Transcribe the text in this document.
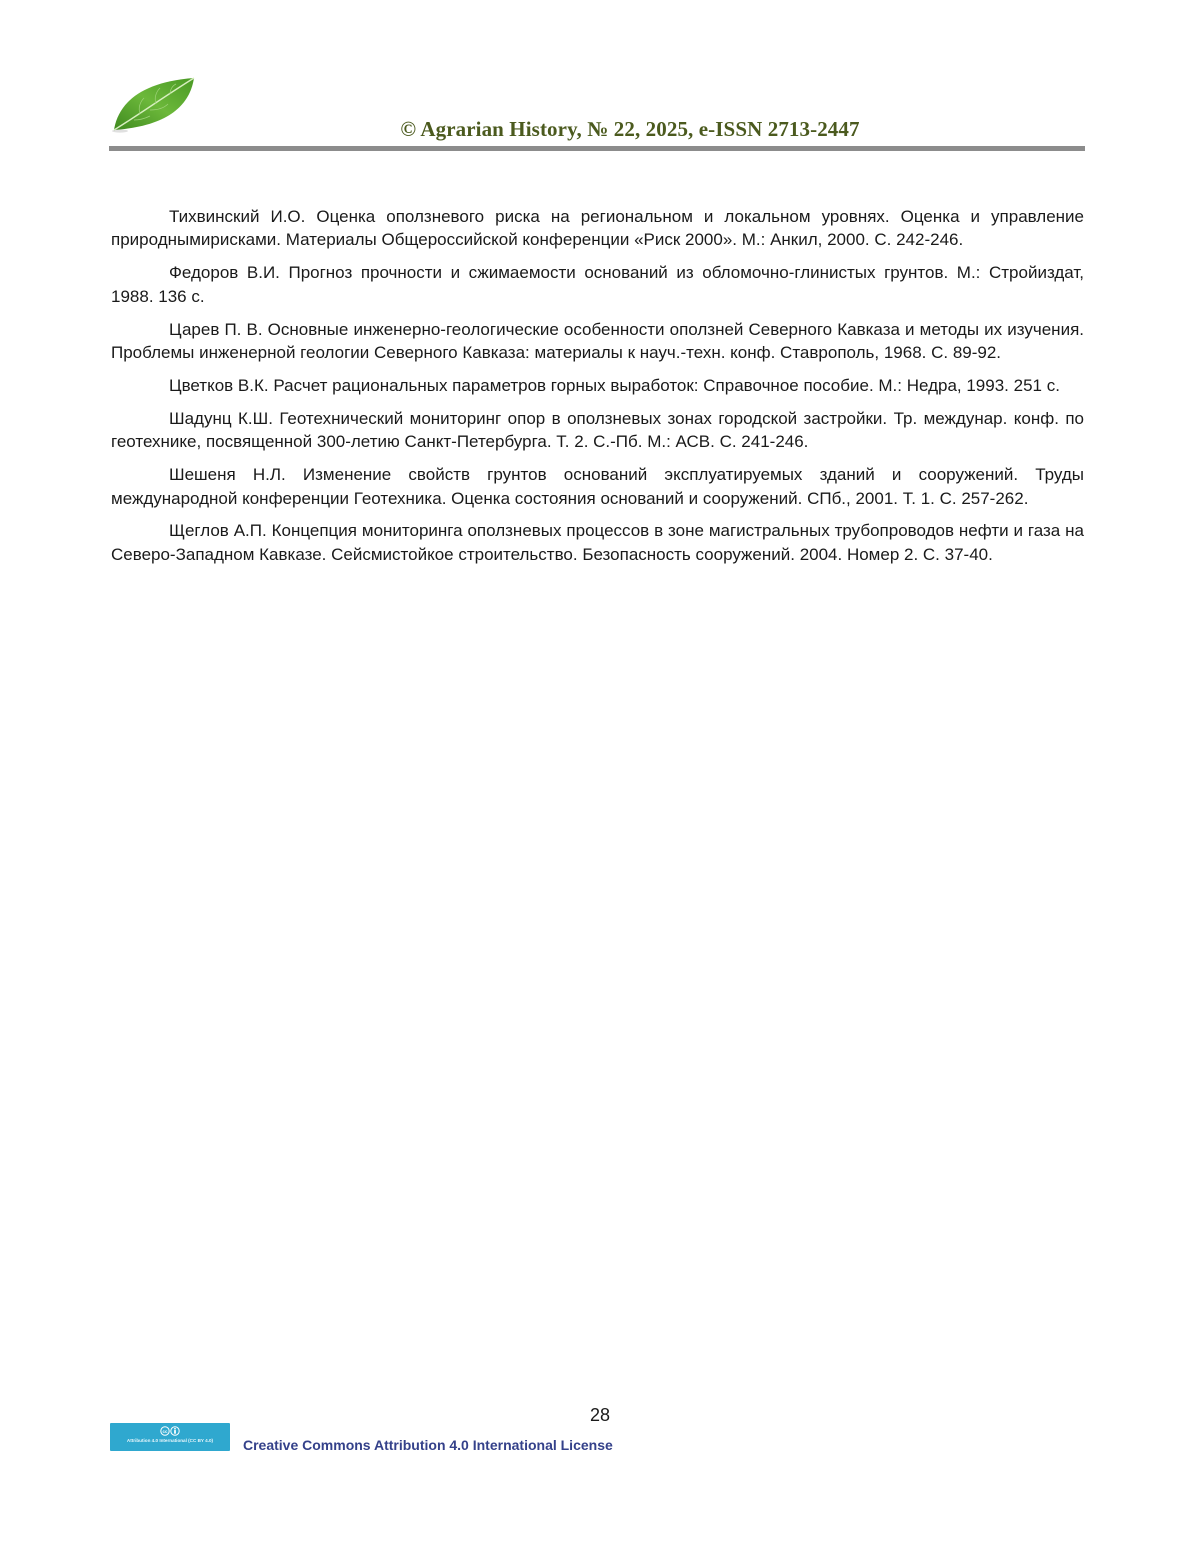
© Agrarian History, № 22, 2025, e-ISSN 2713-2447

Тихвинский И.О. Оценка оползневого риска на региональном и локальном уровнях. Оценка и управление природнымирисками. Материалы Общероссийской конференции «Риск 2000». М.: Анкил, 2000. С. 242-246.

Федоров В.И. Прогноз прочности и сжимаемости оснований из обломочно-глинистых грунтов. М.: Стройиздат, 1988. 136 с.

Царев П. В. Основные инженерно-геологические особенности оползней Северного Кавказа и методы их изучения. Проблемы инженерной геологии Северного Кавказа: материалы к науч.-техн. конф. Ставрополь, 1968. С. 89-92.

Цветков В.К. Расчет рациональных параметров горных выработок: Справочное пособие. М.: Недра, 1993. 251 с.

Шадунц К.Ш. Геотехнический мониторинг опор в оползневых зонах городской застройки. Тр. междунар. конф. по геотехнике, посвященной 300-летию Санкт-Петербурга. Т. 2. С.-Пб. М.: АСВ. С. 241-246.

Шешеня Н.Л. Изменение свойств грунтов оснований эксплуатируемых зданий и сооружений. Труды международной конференции Геотехника. Оценка состояния оснований и сооружений. СПб., 2001. Т. 1. С. 257-262.

Щеглов А.П. Концепция мониторинга оползневых процессов в зоне магистральных трубопроводов нефти и газа на Северо-Западном Кавказе. Сейсмистойкое строительство. Безопасность сооружений. 2004. Номер 2. С. 37-40.

28
cc
Attribution 4.0 International (CC BY 4.0)	Creative Commons Attribution 4.0 International License
